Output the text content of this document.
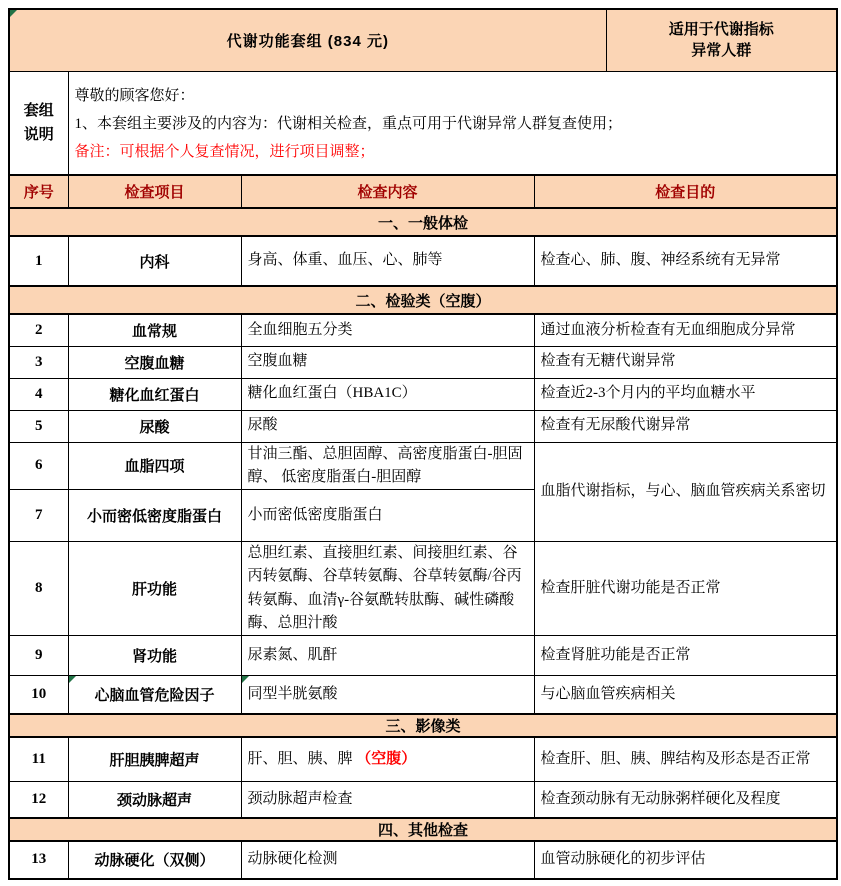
代谢功能套组 (834 元)				适用于代谢指标
异常人群

套组
说明

尊敬的顾客您好：
1、本套组主要涉及的内容为：代谢相关检查，重点可用于代谢异常人群复查使用；
备注：可根据个人复查情况，进行项目调整；

序号	检查项目	检查内容	检查目的	
一、一般体检				
1	内科	身高、体重、血压、心、肺等	检查心、肺、腹、神经系统有无异常	
二、检验类（空腹）				
2	血常规	全血细胞五分类	通过血液分析检查有无血细胞成分异常	
3	空腹血糖	空腹血糖	检查有无糖代谢异常	
4	糖化血红蛋白	糖化血红蛋白（HBA1C）	检查近2-3个月内的平均血糖水平	
5	尿酸	尿酸	检查有无尿酸代谢异常	
6	血脂四项	甘油三酯、总胆固醇、高密度脂蛋白-胆固醇、 低密度脂蛋白-胆固醇	血脂代谢指标，与心、脑血管疾病关系密切	
7	小而密低密度脂蛋白	小而密低密度脂蛋白		
8	肝功能	总胆红素、直接胆红素、间接胆红素、谷丙转氨酶、谷草转氨酶、谷草转氨酶/谷丙转氨酶、血清γ-谷氨酰转肽酶、碱性磷酸酶、总胆汁酸	检查肝脏代谢功能是否正常	
9	肾功能	尿素氮、肌酐	检查肾脏功能是否正常	
10	心脑血管危险因子	同型半胱氨酸	与心脑血管疾病相关	
三、影像类				
11	肝胆胰脾超声	肝、胆、胰、脾 （空腹）	检查肝、胆、胰、脾结构及形态是否正常	
12	颈动脉超声	颈动脉超声检查	检查颈动脉有无动脉粥样硬化及程度	
四、其他检查				
13	动脉硬化（双侧）	动脉硬化检测	血管动脉硬化的初步评估	
